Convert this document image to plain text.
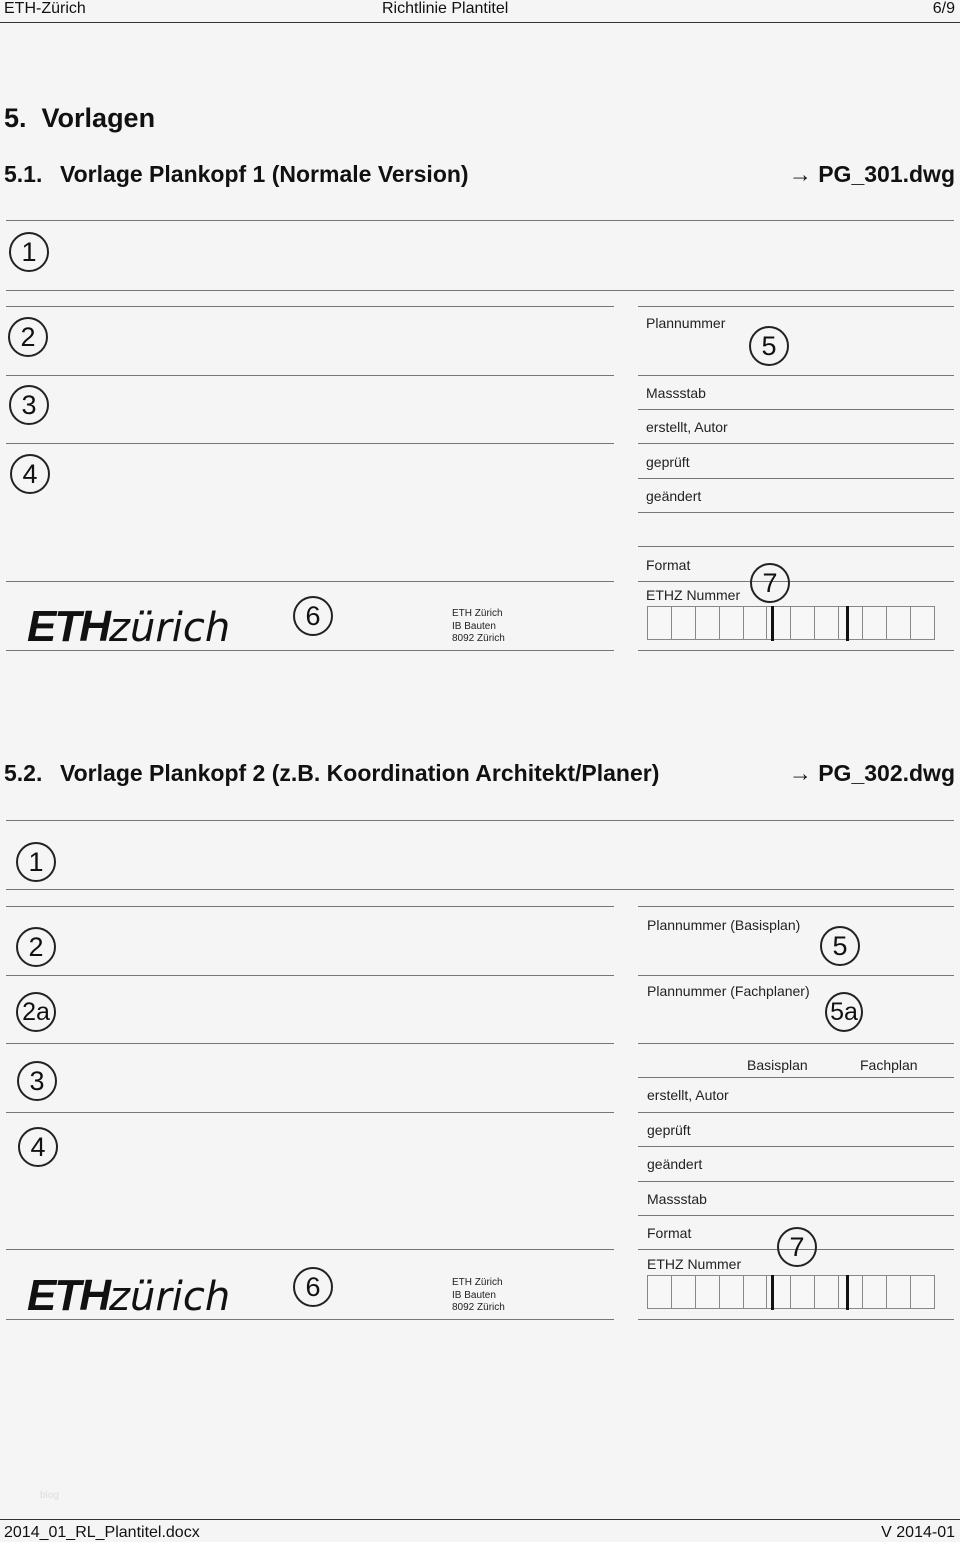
ETH-Zürich	Richtlinie Plantitel	6/9
5. Vorlagen
5.1. Vorlage Plankopf 1 (Normale Version)	→ PG_301.dwg
1
2
3
4
ETHzürich	6	ETH Zürich
IB Bauten
8092 Zürich
Plannummer
5
Massstab
erstellt, Autor
geprüft
geändert
Format
7
ETHZ Nummer
5.2. Vorlage Plankopf 2 (z.B. Koordination Architekt/Planer)	→ PG_302.dwg
1
2
2a
3
4
ETHzürich	6	ETH Zürich
IB Bauten
8092 Zürich
Plannummer (Basisplan)
5
Plannummer (Fachplaner)
5a
Basisplan	Fachplan
erstellt, Autor
geprüft
geändert
Massstab
Format	7
ETHZ Nummer
blog
2014_01_RL_Plantitel.docx	V 2014-01
